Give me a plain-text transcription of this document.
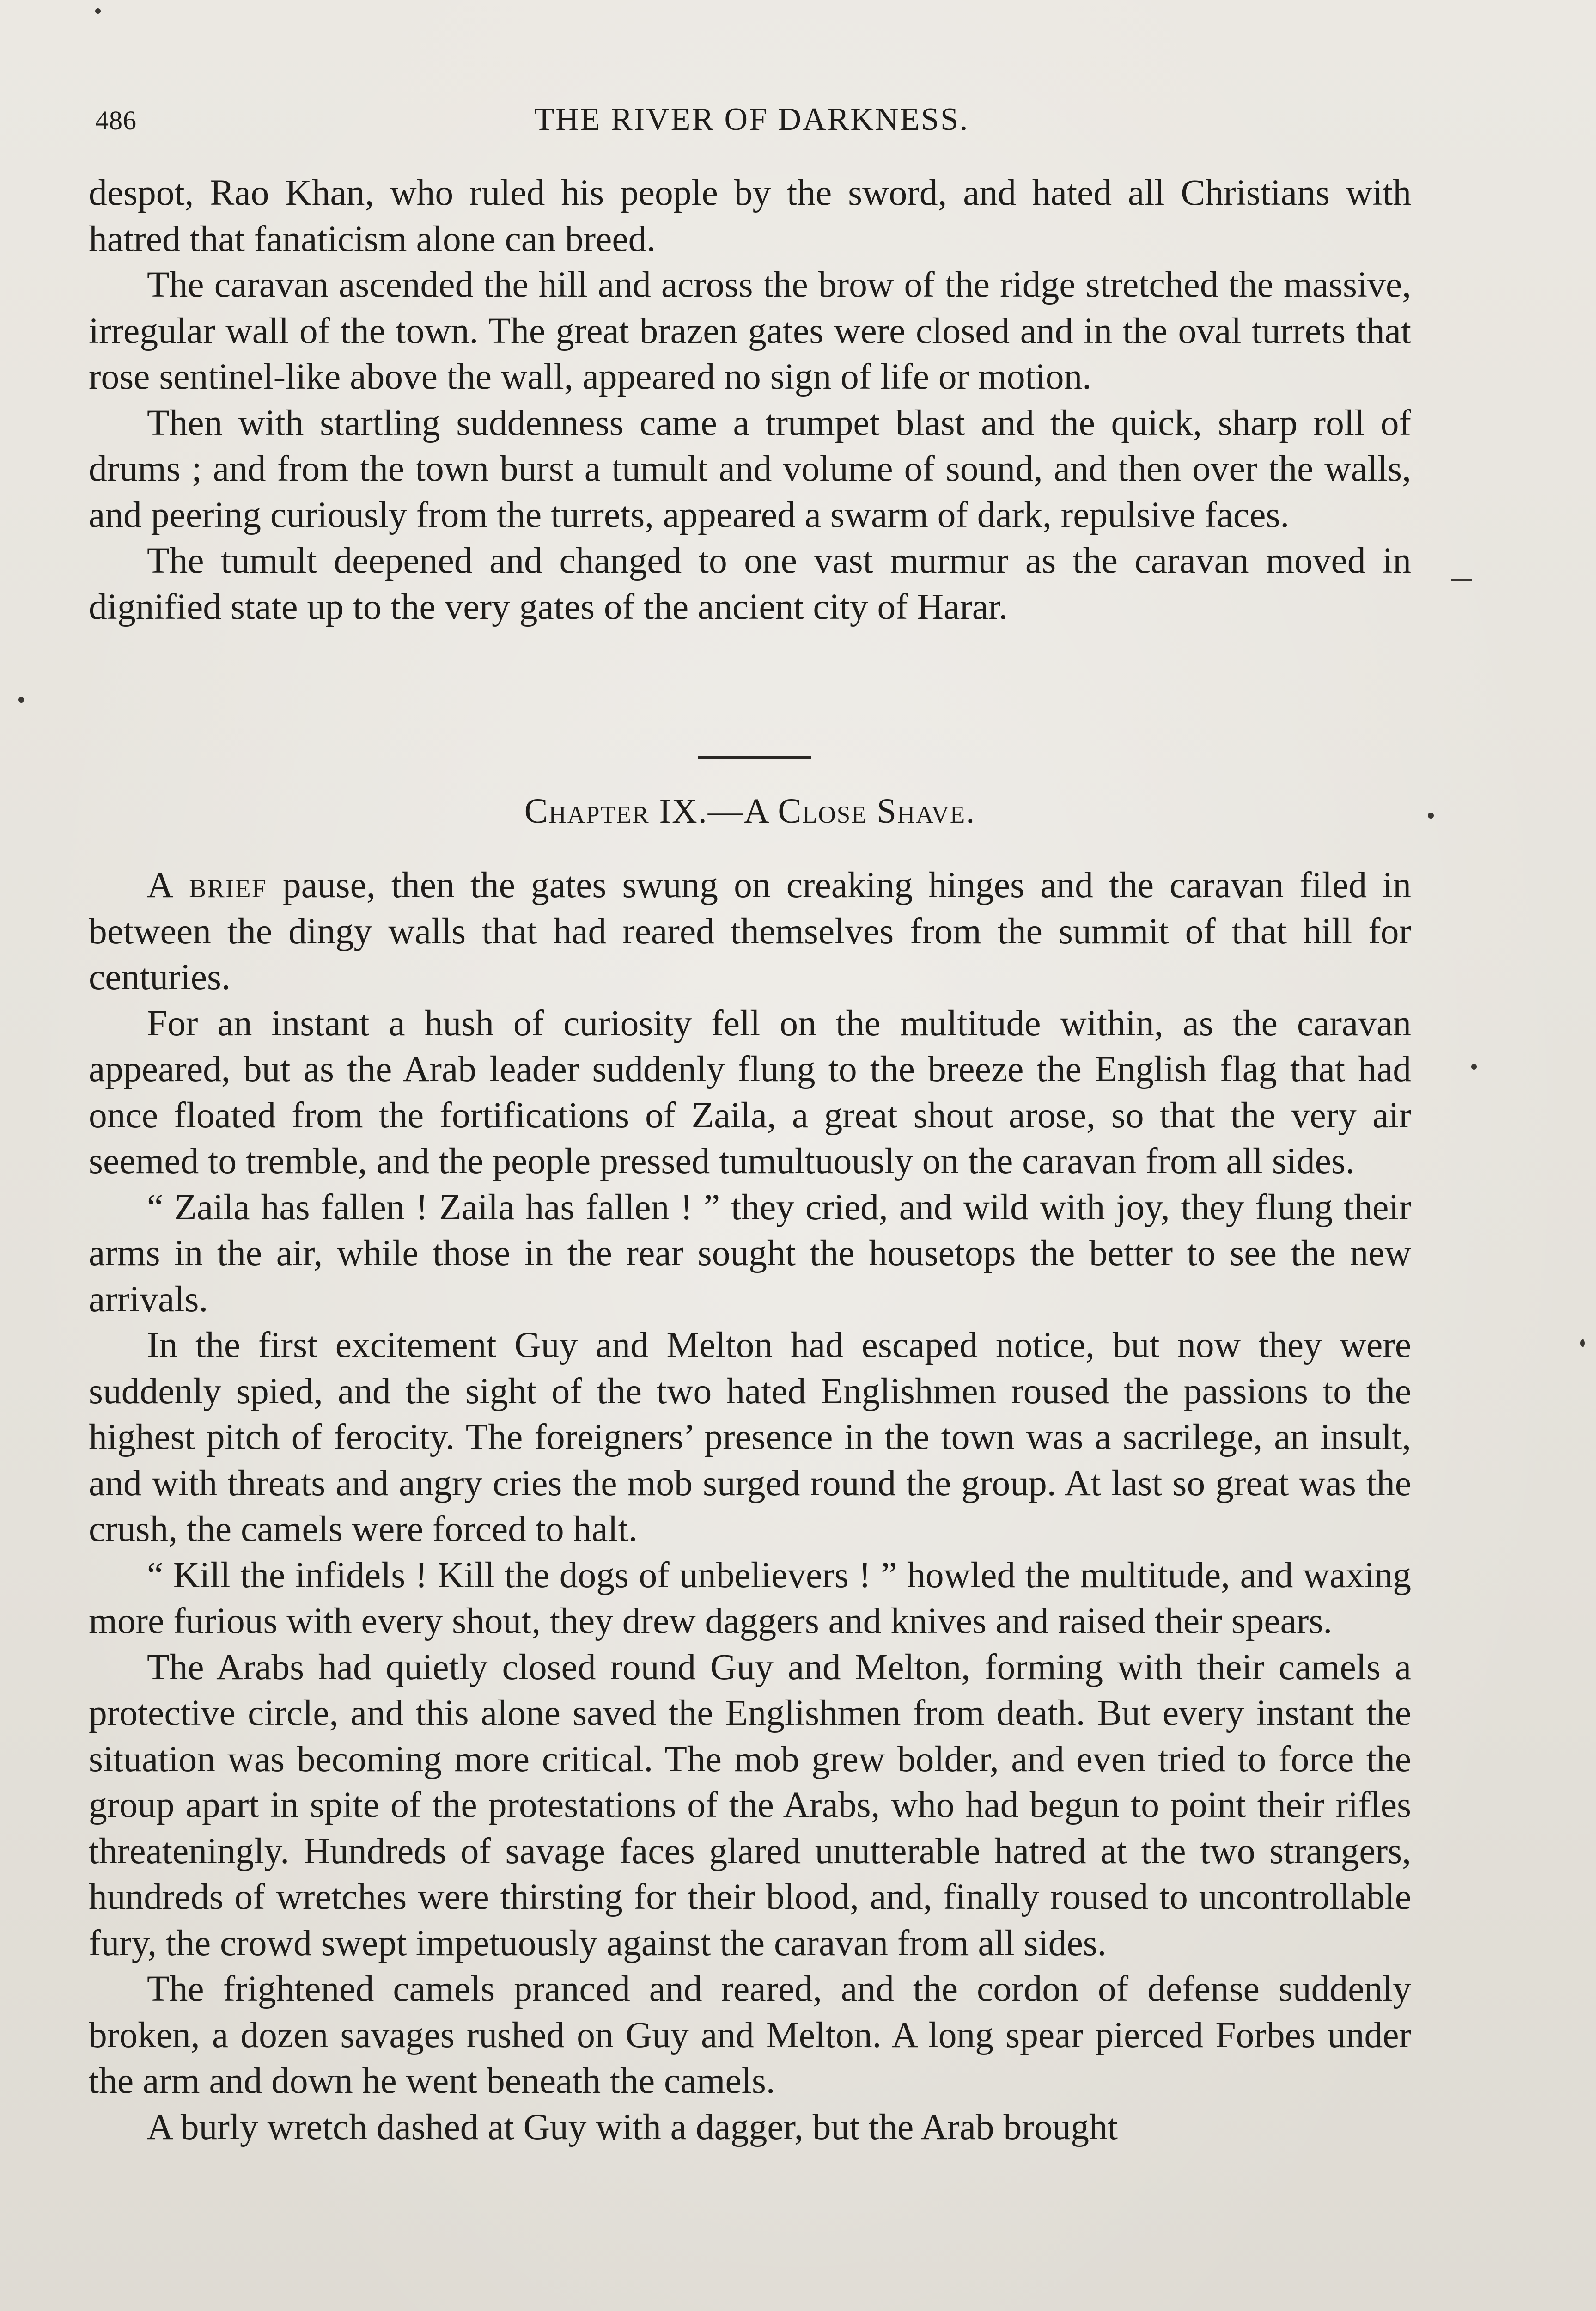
486	THE RIVER OF DARKNESS.

despot, Rao Khan, who ruled his people by the sword, and hated all Christians with hatred that fanaticism alone can breed.

The caravan ascended the hill and across the brow of the ridge stretched the massive, irregular wall of the town. The great brazen gates were closed and in the oval turrets that rose sentinel-like above the wall, appeared no sign of life or motion.

Then with startling suddenness came a trumpet blast and the quick, sharp roll of drums ; and from the town burst a tumult and volume of sound, and then over the walls, and peering curiously from the turrets, appeared a swarm of dark, repulsive faces.

The tumult deepened and changed to one vast murmur as the caravan moved in dignified state up to the very gates of the ancient city of Harar.

Chapter IX.—A Close Shave.

A brief pause, then the gates swung on creaking hinges and the caravan filed in between the dingy walls that had reared themselves from the summit of that hill for centuries.

For an instant a hush of curiosity fell on the multitude within, as the caravan appeared, but as the Arab leader suddenly flung to the breeze the English flag that had once floated from the fortifications of Zaila, a great shout arose, so that the very air seemed to tremble, and the people pressed tumultuously on the caravan from all sides.

“ Zaila has fallen ! Zaila has fallen ! ” they cried, and wild with joy, they flung their arms in the air, while those in the rear sought the housetops the better to see the new arrivals.

In the first excitement Guy and Melton had escaped notice, but now they were suddenly spied, and the sight of the two hated Englishmen roused the passions to the highest pitch of ferocity. The foreigners’ presence in the town was a sacrilege, an insult, and with threats and angry cries the mob surged round the group. At last so great was the crush, the camels were forced to halt.

“ Kill the infidels ! Kill the dogs of unbelievers ! ” howled the multitude, and waxing more furious with every shout, they drew daggers and knives and raised their spears.

The Arabs had quietly closed round Guy and Melton, forming with their camels a protective circle, and this alone saved the Englishmen from death. But every instant the situation was becoming more critical. The mob grew bolder, and even tried to force the group apart in spite of the protestations of the Arabs, who had begun to point their rifles threateningly. Hundreds of savage faces glared unutterable hatred at the two strangers, hundreds of wretches were thirsting for their blood, and, finally roused to uncontrollable fury, the crowd swept impetuously against the caravan from all sides.

The frightened camels pranced and reared, and the cordon of defense suddenly broken, a dozen savages rushed on Guy and Melton. A long spear pierced Forbes under the arm and down he went beneath the camels.

A burly wretch dashed at Guy with a dagger, but the Arab brought
